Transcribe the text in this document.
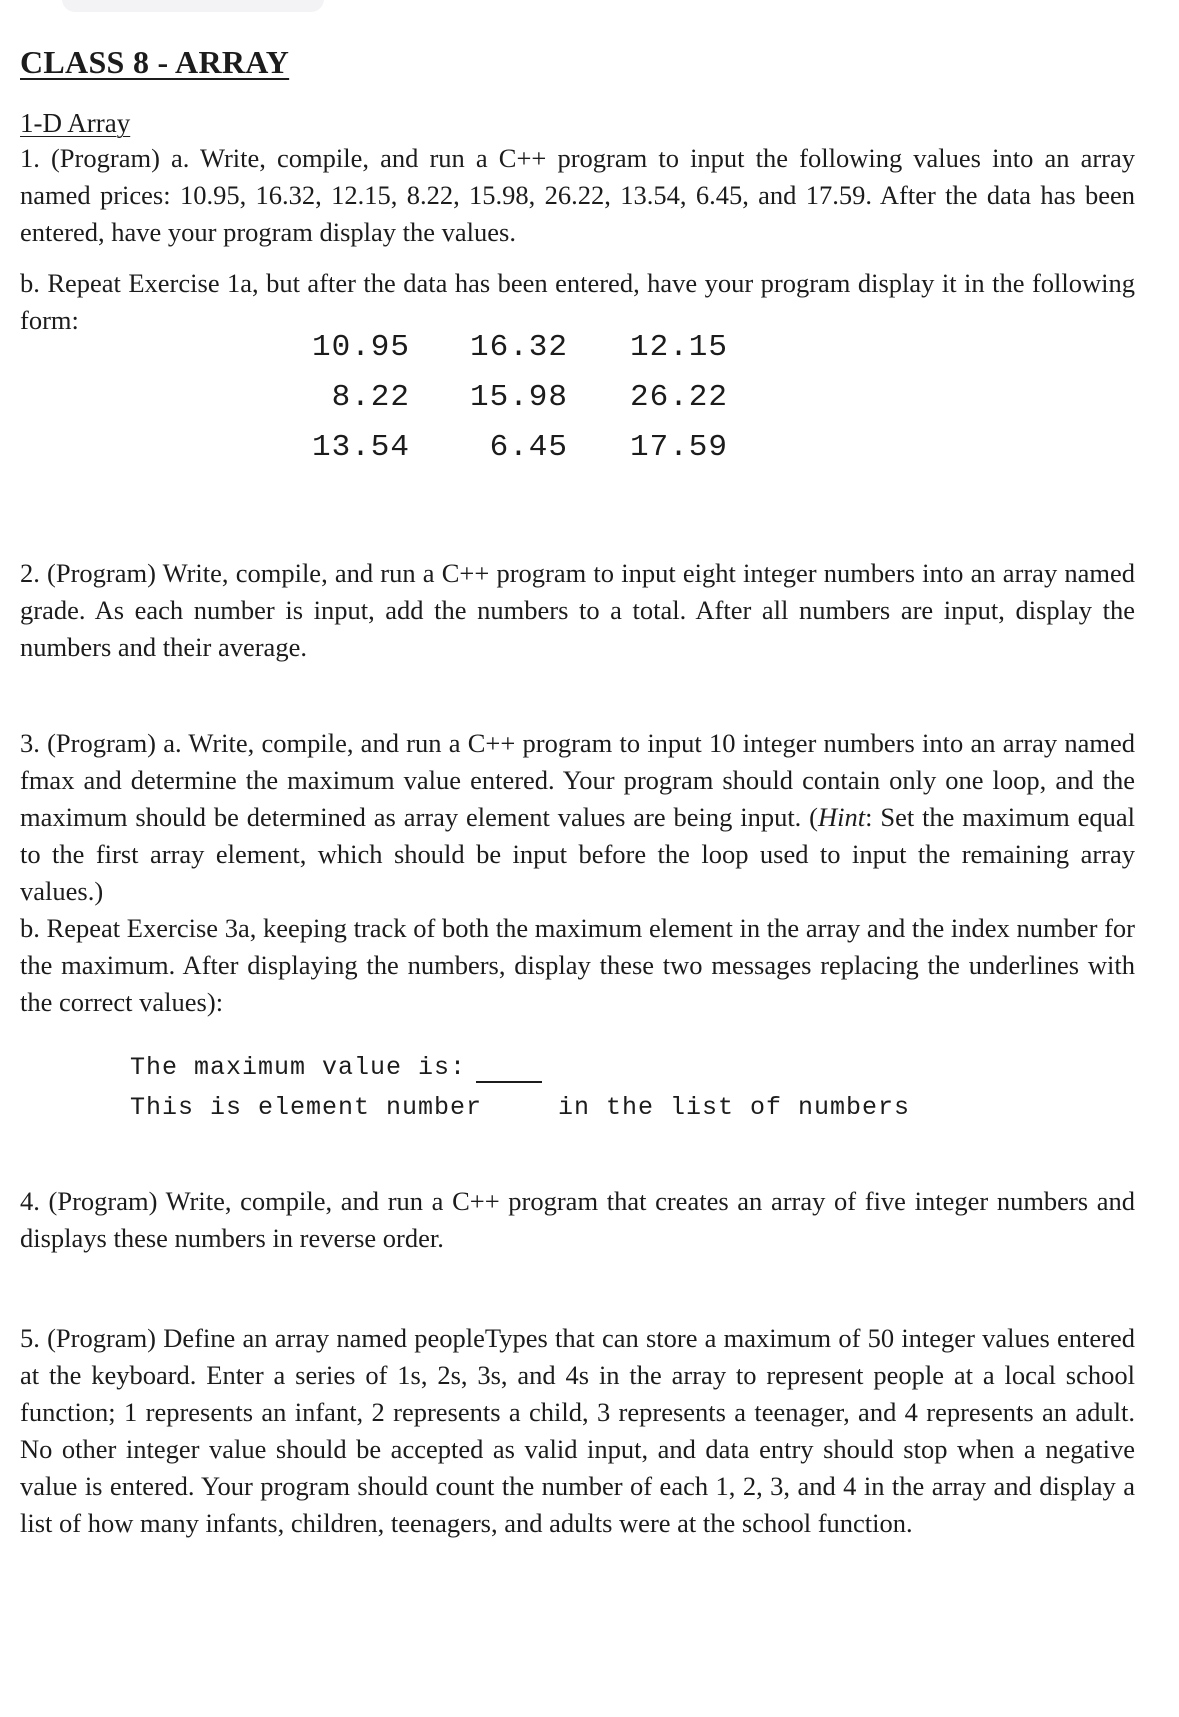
CLASS 8 - ARRAY
1-D Array

1. (Program) a. Write, compile, and run a C++ program to input the following values into an array named prices: 10.95, 16.32, 12.15, 8.22, 15.98, 26.22, 13.54, 6.45, and 17.59. After the data has been entered, have your program display the values.

b. Repeat Exercise 1a, but after the data has been entered, have your program display it in the following form:

10.95	16.32	12.15
8.22	15.98	26.22
13.54	6.45	17.59

2. (Program) Write, compile, and run a C++ program to input eight integer numbers into an array named grade. As each number is input, add the numbers to a total. After all numbers are input, display the numbers and their average.

3. (Program) a. Write, compile, and run a C++ program to input 10 integer numbers into an array named fmax and determine the maximum value entered. Your program should contain only one loop, and the maximum should be determined as array element values are being input. (Hint: Set the maximum equal to the first array element, which should be input before the loop used to input the remaining array values.)

b. Repeat Exercise 3a, keeping track of both the maximum element in the array and the index number for the maximum. After displaying the numbers, display these two messages replacing the underlines with the correct values):

The maximum value is:
This is element number	in the list of numbers

4. (Program) Write, compile, and run a C++ program that creates an array of five integer numbers and displays these numbers in reverse order.

5. (Program) Define an array named peopleTypes that can store a maximum of 50 integer values entered at the keyboard. Enter a series of 1s, 2s, 3s, and 4s in the array to represent people at a local school function; 1 represents an infant, 2 represents a child, 3 represents a teenager, and 4 represents an adult. No other integer value should be accepted as valid input, and data entry should stop when a negative value is entered. Your program should count the number of each 1, 2, 3, and 4 in the array and display a list of how many infants, children, teenagers, and adults were at the school function.
